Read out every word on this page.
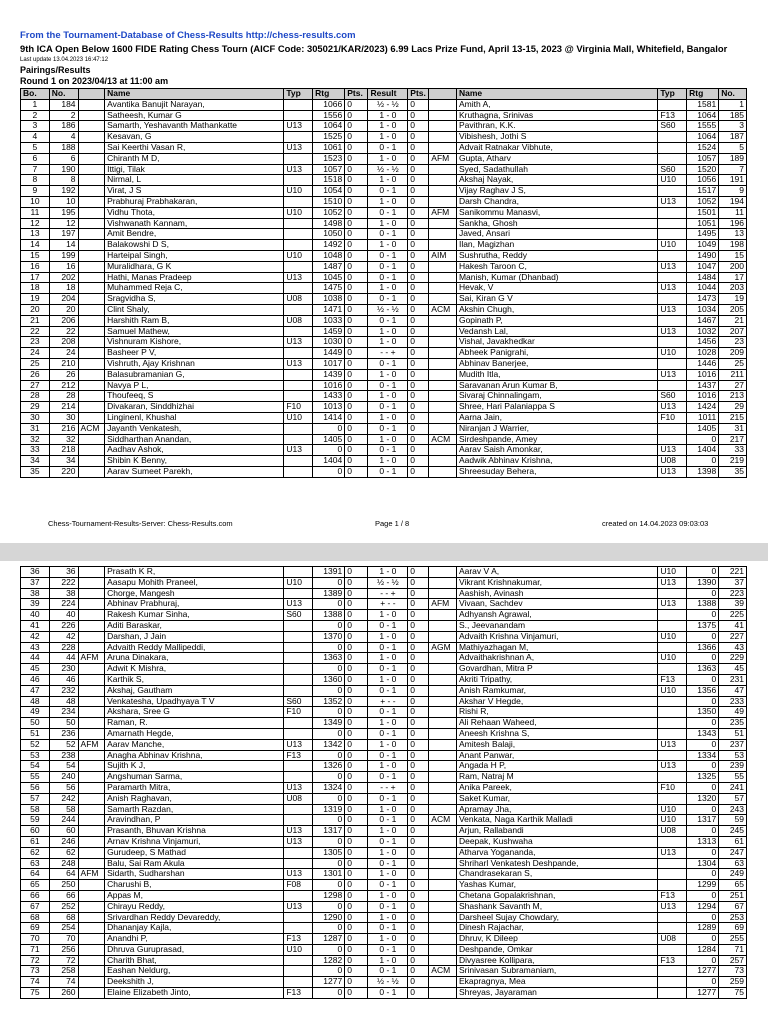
From the Tournament-Database of Chess-Results http://chess-results.com
9th ICA Open Below 1600 FIDE Rating Chess Tourn (AICF Code: 305021/KAR/2023) 6.99 Lacs Prize Fund, April 13-15, 2023 @ Virginia Mall, Whitefield, Bangalor
Last update 13.04.2023 16:47:12
Pairings/Results
Round 1 on 2023/04/13 at 11:00 am
Bo.	No.		Name	Typ	Rtg	Pts.	Result	Pts.		Name	Typ	Rtg	No.
1	184		Avantika Banujit Narayan,		1066	0	½ - ½	0		Amith A,		1581	1
2	2		Satheesh, Kumar G		1556	0	1 - 0	0		Kruthagna, Srinivas	F13	1064	185
3	186		Samarth, Yeshavanth Mathankatte	U13	1064	0	1 - 0	0		Pavithran, K.K.	S60	1555	3
4	4		Kesavan, G		1525	0	1 - 0	0		Vibishesh, Jothi S		1064	187
5	188		Sai Keerthi Vasan R,	U13	1061	0	0 - 1	0		Advait Ratnakar Vibhute,		1524	5
6	6		Chiranth M D,		1523	0	1 - 0	0	AFM	Gupta, Atharv		1057	189
7	190		Ittigi, Tilak	U13	1057	0	½ - ½	0		Syed, Sadathullah	S60	1520	7
8	8		Nirmal, L		1518	0	1 - 0	0		Akshaj Nayak,	U10	1056	191
9	192		Virat, J S	U10	1054	0	0 - 1	0		Vijay Raghav J S,		1517	9
10	10		Prabhuraj Prabhakaran,		1510	0	1 - 0	0		Darsh Chandra,	U13	1052	194
11	195		Vidhu Thota,	U10	1052	0	0 - 1	0	AFM	Sanikommu Manasvi,		1501	11
12	12		Vishwanath Kannam,		1498	0	1 - 0	0		Sankha, Ghosh		1051	196
13	197		Amit Bendre,		1050	0	0 - 1	0		Javed, Ansari		1495	13
14	14		Balakowshi D S,		1492	0	1 - 0	0		Ilan, Magizhan	U10	1049	198
15	199		Harteipal Singh,	U10	1048	0	0 - 1	0	AIM	Sushrutha, Reddy		1490	15
16	16		Muralidhara, G K		1487	0	0 - 1	0		Hakesh Taroon C,	U13	1047	200
17	202		Hathi, Manas Pradeep	U13	1045	0	0 - 1	0		Manish, Kumar (Dhanbad)		1484	17
18	18		Muhammed Reja C,		1475	0	1 - 0	0		Hevak, V	U13	1044	203
19	204		Sragvidha S,	U08	1038	0	0 - 1	0		Sai, Kiran G V		1473	19
20	20		Clint Shaly,		1471	0	½ - ½	0	ACM	Akshin Chugh,	U13	1034	205
21	206		Harshith Ram B,	U08	1033	0	0 - 1	0		Gopinath P,		1467	21
22	22		Samuel Mathew,		1459	0	1 - 0	0		Vedansh Lal,	U13	1032	207
23	208		Vishnuram Kishore,	U13	1030	0	1 - 0	0		Vishal, Javakhedkar		1456	23
24	24		Basheer P V,		1449	0	- - +	0		Abheek Panigrahi,	U10	1028	209
25	210		Vishruth, Ajay Krishnan	U13	1017	0	0 - 1	0		Abhinav Banerjee,		1446	25
26	26		Balasubramanian G,		1439	0	1 - 0	0		Mudith Itla,	U13	1016	211
27	212		Navya P L,		1016	0	0 - 1	0		Saravanan Arun Kumar B,		1437	27
28	28		Thoufeeq, S		1433	0	1 - 0	0		Sivaraj Chinnalingam,	S60	1016	213
29	214		Divakaran, Sinddhizhai	F10	1013	0	0 - 1	0		Shree, Hari Palaniappa S	U13	1424	29
30	30		Linginenl, Khushal	U10	1414	0	1 - 0	0		Aarna Jain,	F10	1011	215
31	216	ACM	Jayanth Venkatesh,		0	0	0 - 1	0		Niranjan J Warrier,		1405	31
32	32		Siddharthan Anandan,		1405	0	1 - 0	0	ACM	Sirdeshpande, Amey		0	217
33	218		Aadhav Ashok,	U13	0	0	0 - 1	0		Aarav Saish Amonkar,	U13	1404	33
34	34		Shibin K Benny,		1404	0	1 - 0	0		Aadwik Abhinav Krishna,	U08	0	219
35	220		Aarav Sumeet Parekh,		0	0	0 - 1	0		Shreesuday Behera,	U13	1398	35
Chess-Tournament-Results-Server: Chess-Results.com	Page 1 / 8	created on 14.04.2023 09:03:03
36	36		Prasath K R,		1391	0	1 - 0	0		Aarav V A,	U10	0	221
37	222		Aasapu Mohith Praneel,	U10	0	0	½ - ½	0		Vikrant Krishnakumar,	U13	1390	37
38	38		Chorge, Mangesh		1389	0	- - +	0		Aashish, Avinash		0	223
39	224		Abhinav Prabhuraj,	U13	0	0	+ - -	0	AFM	Vivaan, Sachdev	U13	1388	39
40	40		Rakesh Kumar Sinha,	S60	1388	0	1 - 0	0		Adhyansh Agrawal,		0	225
41	226		Aditi Baraskar,		0	0	0 - 1	0		S., Jeevanandam		1375	41
42	42		Darshan, J Jain		1370	0	1 - 0	0		Advaith Krishna Vinjamuri,	U10	0	227
43	228		Advaith Reddy Mallipeddi,		0	0	0 - 1	0	AGM	Mathiyazhagan M,		1366	43
44	44	AFM	Aruna Dinakara,		1363	0	1 - 0	0		Advaithakrishnan A,	U10	0	229
45	230		Adwit K Mishra,		0	0	0 - 1	0		Govardhan, Mitra P		1363	45
46	46		Karthik S,		1360	0	1 - 0	0		Akriti Tripathy,	F13	0	231
47	232		Akshaj, Gautham		0	0	0 - 1	0		Anish Ramkumar,	U10	1356	47
48	48		Venkatesha, Upadhyaya T V	S60	1352	0	+ - -	0		Akshar V Hegde,		0	233
49	234		Akshara, Sree G	F10	0	0	0 - 1	0		Rishi R,		1350	49
50	50		Raman, R.		1349	0	1 - 0	0		Ali Rehaan Waheed,		0	235
51	236		Amarnath Hegde,		0	0	0 - 1	0		Aneesh Krishna S,		1343	51
52	52	AFM	Aarav Manche,	U13	1342	0	1 - 0	0		Amitesh Balaji,	U13	0	237
53	238		Anagha Abhinav Krishna,	F13	0	0	0 - 1	0		Anant Panwar,		1334	53
54	54		Sujith K J,		1326	0	1 - 0	0		Angada H P,	U13	0	239
55	240		Angshuman Sarma,		0	0	0 - 1	0		Ram, Natraj M		1325	55
56	56		Paramarth Mitra,	U13	1324	0	- - +	0		Anika Pareek,	F10	0	241
57	242		Anish Raghavan,	U08	0	0	0 - 1	0		Saket Kumar,		1320	57
58	58		Samarth Razdan,		1319	0	1 - 0	0		Apramay Jha,	U10	0	243
59	244		Aravindhan, P		0	0	0 - 1	0	ACM	Venkata, Naga Karthik Malladi	U10	1317	59
60	60		Prasanth, Bhuvan Krishna	U13	1317	0	1 - 0	0		Arjun, Rallabandi	U08	0	245
61	246		Arnav Krishna Vinjamuri,	U13	0	0	0 - 1	0		Deepak, Kushwaha		1313	61
62	62		Gurudeep, S Mathad		1305	0	1 - 0	0		Atharva Yogananda,	U13	0	247
63	248		Balu, Sai Ram Akula		0	0	0 - 1	0		Shriharl Venkatesh Deshpande,		1304	63
64	64	AFM	Sidarth, Sudharshan	U13	1301	0	1 - 0	0		Chandrasekaran S,		0	249
65	250		Charushi B,	F08	0	0	0 - 1	0		Yashas Kumar,		1299	65
66	66		Appas M,		1298	0	1 - 0	0		Chetana Gopalakrishnan,	F13	0	251
67	252		Chirayu Reddy,	U13	0	0	0 - 1	0		Shashank Savanth M,	U13	1294	67
68	68		Srivardhan Reddy Devareddy,		1290	0	1 - 0	0		Darsheel Sujay Chowdary,		0	253
69	254		Dhananjay Kajla,		0	0	0 - 1	0		Dinesh Rajachar,		1289	69
70	70		Anandhi P,	F13	1287	0	1 - 0	0		Dhruv, K Dileep	U08	0	255
71	256		Dhruva Guruprasad,	U10	0	0	0 - 1	0		Deshpande, Omkar		1284	71
72	72		Charith Bhat,		1282	0	1 - 0	0		Divyasree Kollipara,	F13	0	257
73	258		Eashan Neldurg,		0	0	0 - 1	0	ACM	Srinivasan Subramaniam,		1277	73
74	74		Deekshith J,		1277	0	½ - ½	0		Ekapragnya, Mea		0	259
75	260		Elaine Elizabeth Jinto,	F13	0	0	0 - 1	0		Shreyas, Jayaraman		1277	75
